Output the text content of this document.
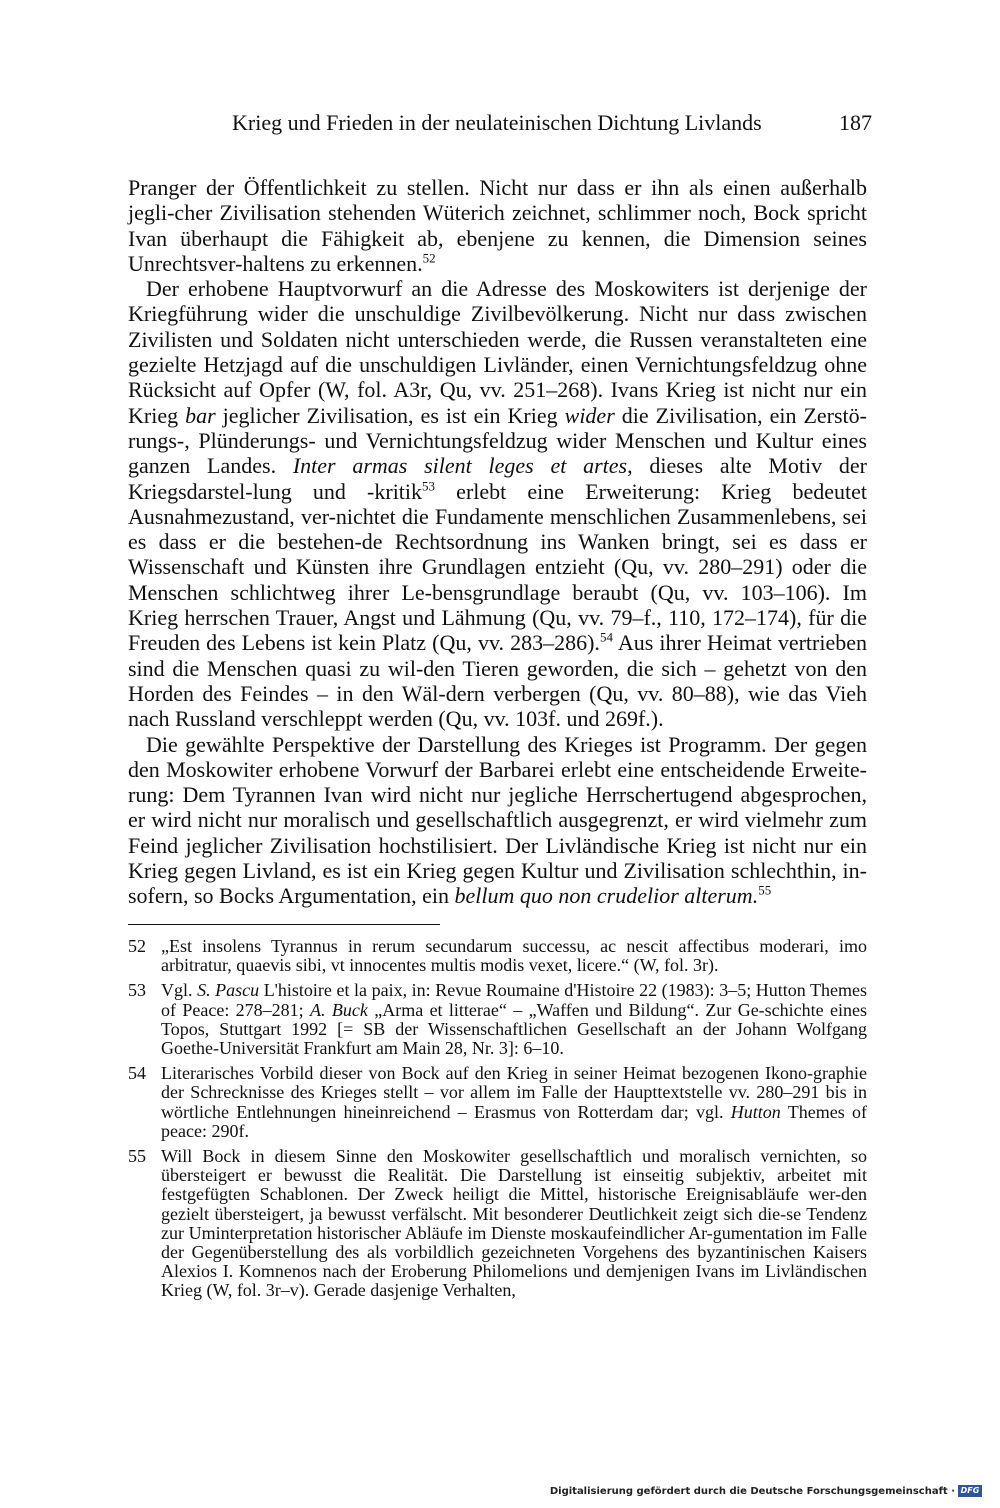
Krieg und Frieden in der neulateinischen Dichtung Livlands	187

Pranger der Öffentlichkeit zu stellen. Nicht nur dass er ihn als einen außerhalb jegli-cher Zivilisation stehenden Wüterich zeichnet, schlimmer noch, Bock spricht Ivan überhaupt die Fähigkeit ab, ebenjene zu kennen, die Dimension seines Unrechtsver-haltens zu erkennen.$^{52}$

Der erhobene Hauptvorwurf an die Adresse des Moskowiters ist derjenige der Kriegführung wider die unschuldige Zivilbevölkerung. Nicht nur dass zwischen Zivilisten und Soldaten nicht unterschieden werde, die Russen veranstalteten eine gezielte Hetzjagd auf die unschuldigen Livländer, einen Vernichtungsfeldzug ohne Rücksicht auf Opfer (W, fol. A3r, Qu, vv. 251–268). Ivans Krieg ist nicht nur ein Krieg bar jeglicher Zivilisation, es ist ein Krieg wider die Zivilisation, ein Zerstö-rungs-, Plünderungs- und Vernichtungsfeldzug wider Menschen und Kultur eines ganzen Landes. Inter armas silent leges et artes, dieses alte Motiv der Kriegsdarstel-lung und -kritik$^{53}$ erlebt eine Erweiterung: Krieg bedeutet Ausnahmezustand, ver-nichtet die Fundamente menschlichen Zusammenlebens, sei es dass er die bestehen-de Rechtsordnung ins Wanken bringt, sei es dass er Wissenschaft und Künsten ihre Grundlagen entzieht (Qu, vv. 280–291) oder die Menschen schlichtweg ihrer Le-bensgrundlage beraubt (Qu, vv. 103–106). Im Krieg herrschen Trauer, Angst und Lähmung (Qu, vv. 79–f., 110, 172–174), für die Freuden des Lebens ist kein Platz (Qu, vv. 283–286).$^{54}$ Aus ihrer Heimat vertrieben sind die Menschen quasi zu wil-den Tieren geworden, die sich – gehetzt von den Horden des Feindes – in den Wäl-dern verbergen (Qu, vv. 80–88), wie das Vieh nach Russland verschleppt werden (Qu, vv. 103f. und 269f.).

Die gewählte Perspektive der Darstellung des Krieges ist Programm. Der gegen den Moskowiter erhobene Vorwurf der Barbarei erlebt eine entscheidende Erweite-rung: Dem Tyrannen Ivan wird nicht nur jegliche Herrschertugend abgesprochen, er wird nicht nur moralisch und gesellschaftlich ausgegrenzt, er wird vielmehr zum Feind jeglicher Zivilisation hochstilisiert. Der Livländische Krieg ist nicht nur ein Krieg gegen Livland, es ist ein Krieg gegen Kultur und Zivilisation schlechthin, in-sofern, so Bocks Argumentation, ein bellum quo non crudelior alterum.$^{55}$

52 „Est insolens Tyrannus in rerum secundarum successu, ac nescit affectibus moderari, imo arbitratur, quaevis sibi, vt innocentes multis modis vexet, licere.“ (W, fol. 3r).
53 Vgl. S. Pascu L'histoire et la paix, in: Revue Roumaine d'Histoire 22 (1983): 3–5; Hutton Themes of Peace: 278–281; A. Buck „Arma et litterae“ – „Waffen und Bildung“. Zur Ge-schichte eines Topos, Stuttgart 1992 [= SB der Wissenschaftlichen Gesellschaft an der Johann Wolfgang Goethe-Universität Frankfurt am Main 28, Nr. 3]: 6–10.
54 Literarisches Vorbild dieser von Bock auf den Krieg in seiner Heimat bezogenen Ikono-graphie der Schrecknisse des Krieges stellt – vor allem im Falle der Haupttextstelle vv. 280–291 bis in wörtliche Entlehnungen hineinreichend – Erasmus von Rotterdam dar; vgl. Hutton Themes of peace: 290f.
55 Will Bock in diesem Sinne den Moskowiter gesellschaftlich und moralisch vernichten, so übersteigert er bewusst die Realität. Die Darstellung ist einseitig subjektiv, arbeitet mit festgefügten Schablonen. Der Zweck heiligt die Mittel, historische Ereignisabläufe wer-den gezielt übersteigert, ja bewusst verfälscht. Mit besonderer Deutlichkeit zeigt sich die-se Tendenz zur Uminterpretation historischer Abläufe im Dienste moskaufeindlicher Ar-gumentation im Falle der Gegenüberstellung des als vorbildlich gezeichneten Vorgehens des byzantinischen Kaisers Alexios I. Komnenos nach der Eroberung Philomelions und demjenigen Ivans im Livländischen Krieg (W, fol. 3r–v). Gerade dasjenige Verhalten,
Digitalisierung gefördert durch die Deutsche Forschungsgemeinschaft · DFG
